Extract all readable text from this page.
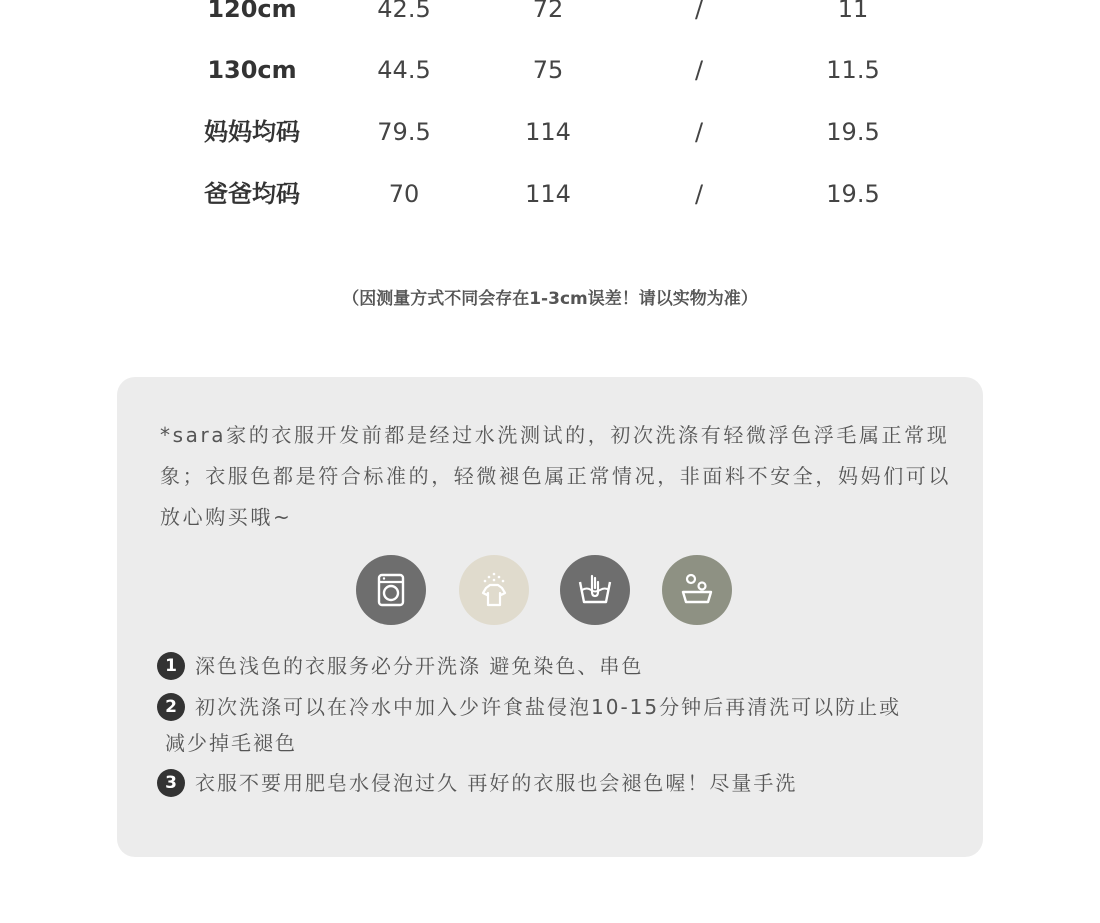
120cm	42.5	72	/	11
130cm	44.5	75	/	11.5
妈妈均码	79.5	114	/	19.5
爸爸均码	70	114	/	19.5
（因测量方式不同会存在1-3cm误差！请以实物为准）
*sara家的衣服开发前都是经过水洗测试的，初次洗涤有轻微浮色浮毛属正常现象；衣服色都是符合标准的，轻微褪色属正常情况，非面料不安全，妈妈们可以放心购买哦~
1 深色浅色的衣服务必分开洗涤 避免染色、串色
2 初次洗涤可以在冷水中加入少许食盐侵泡10-15分钟后再清洗可以防止或
减少掉毛褪色
3 衣服不要用肥皂水侵泡过久 再好的衣服也会褪色喔！尽量手洗
